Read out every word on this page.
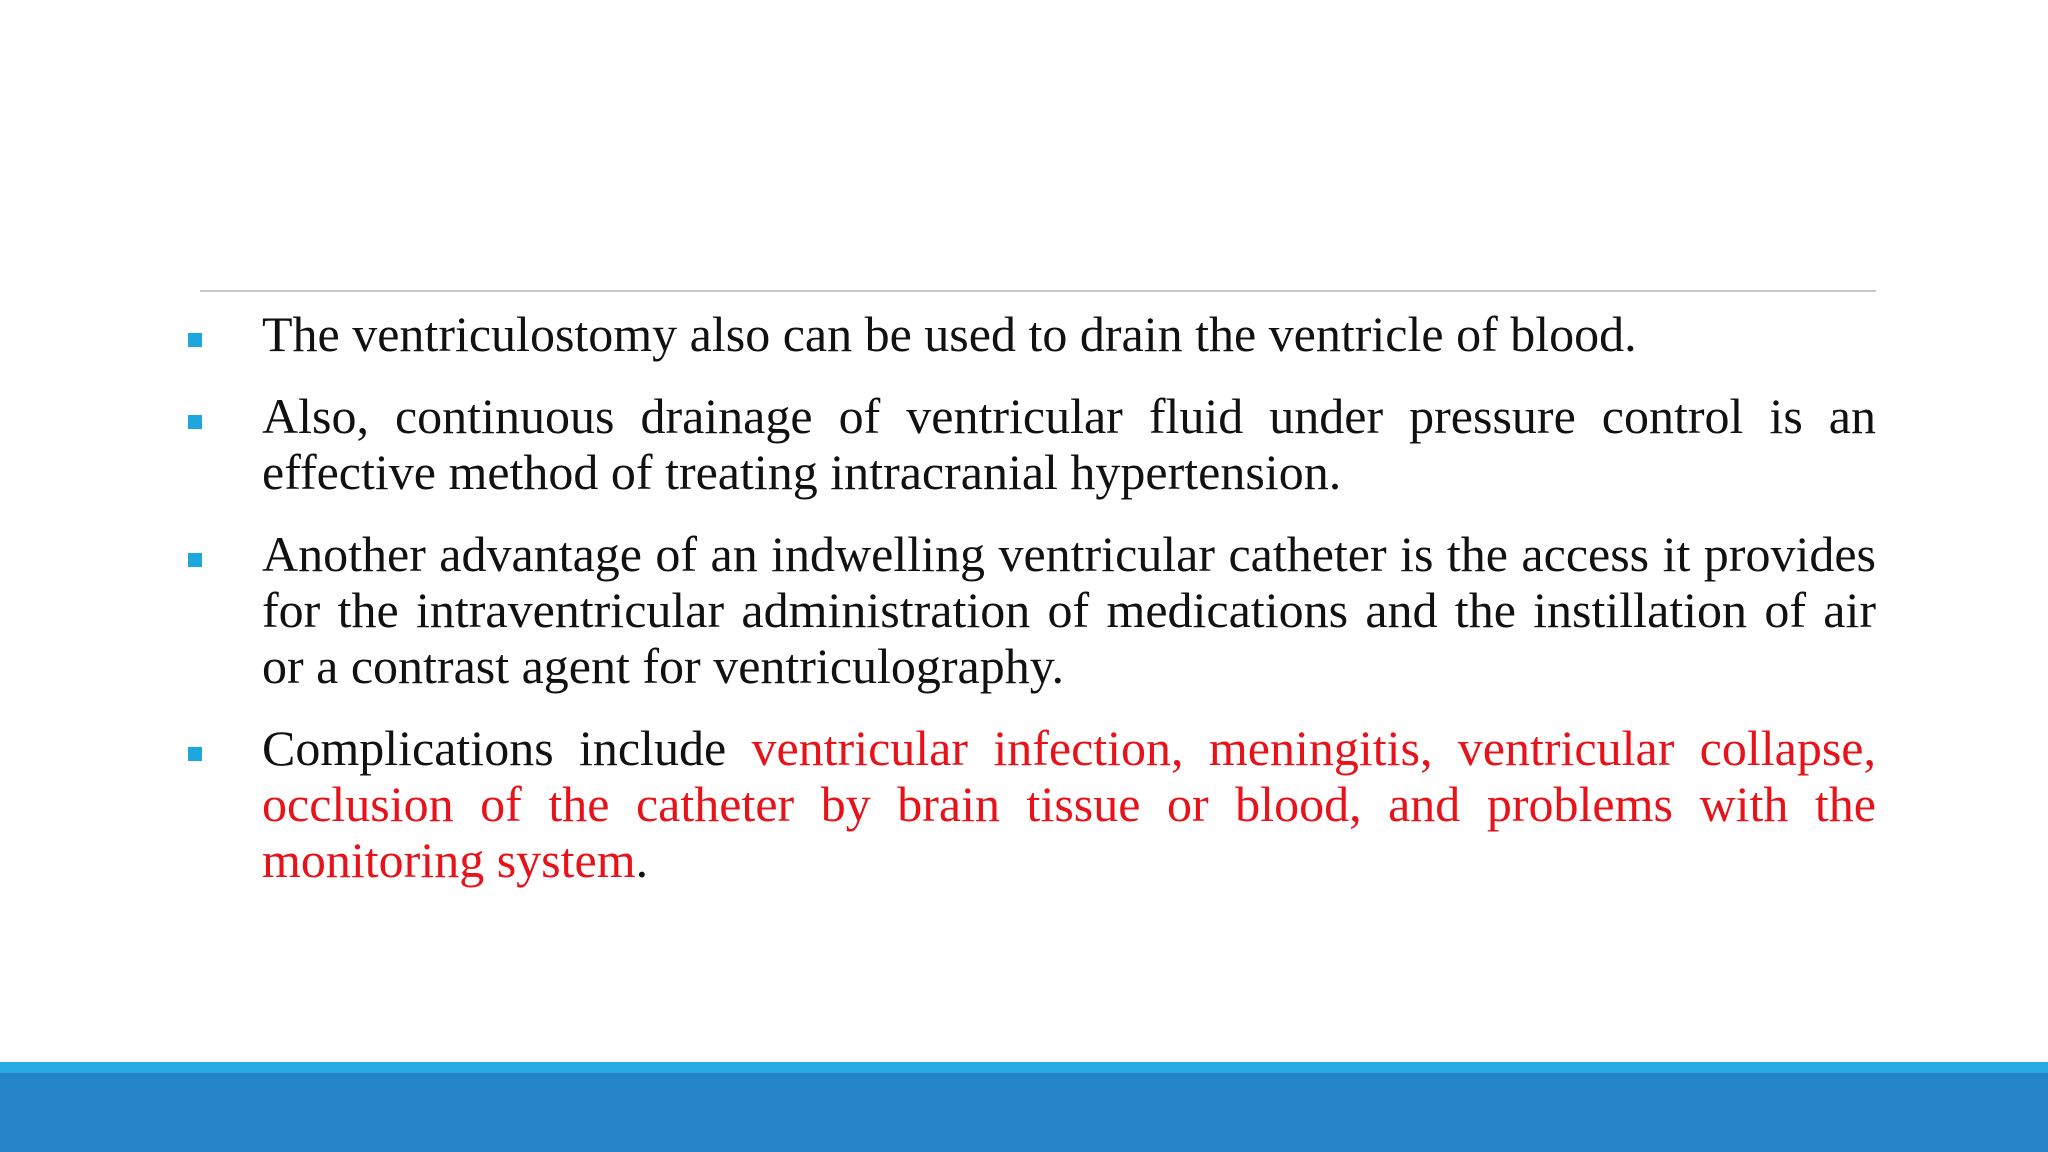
The ventriculostomy also can be used to drain the ventricle of blood.
Also, continuous drainage of ventricular fluid under pressure control is an effective method of treating intracranial hypertension.
Another advantage of an indwelling ventricular catheter is the access it provides for the intraventricular administration of medications and the instillation of air or a contrast agent for ventriculography.
Complications include ventricular infection, meningitis, ventricular collapse, occlusion of the catheter by brain tissue or blood, and problems with the monitoring system.
